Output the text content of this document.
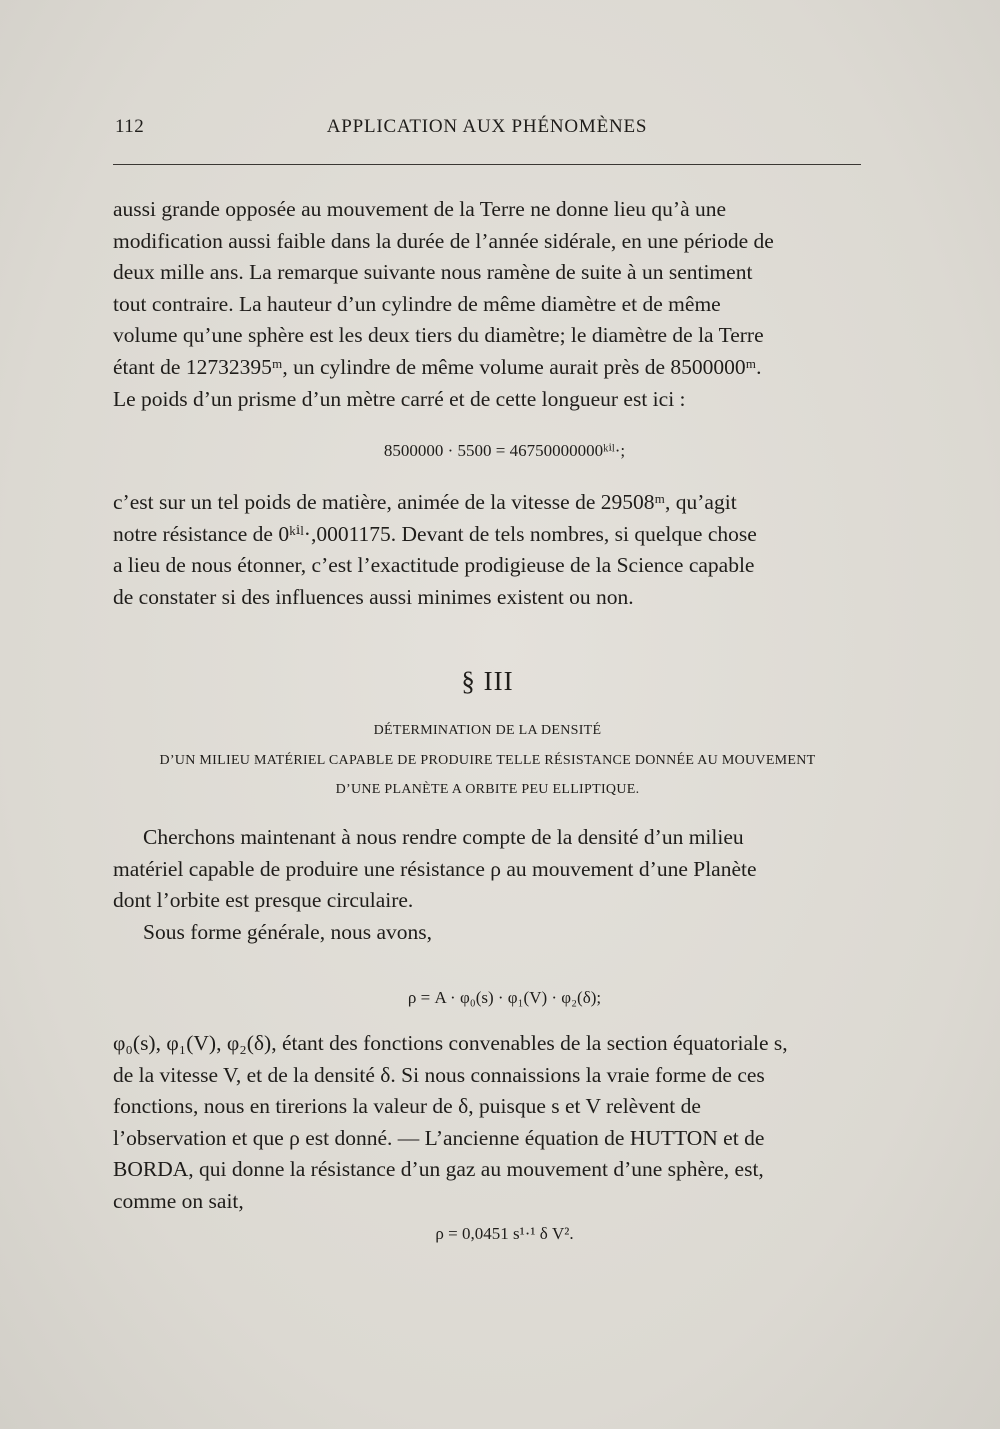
112	APPLICATION AUX PHÉNOMÈNES
aussi grande opposée au mouvement de la Terre ne donne lieu qu’à une
modification aussi faible dans la durée de l’année sidérale, en une période de
deux mille ans. La remarque suivante nous ramène de suite à un sentiment
tout contraire. La hauteur d’un cylindre de même diamètre et de même
volume qu’une sphère est les deux tiers du diamètre; le diamètre de la Terre
étant de 12732395ᵐ, un cylindre de même volume aurait près de 8500000ᵐ.
Le poids d’un prisme d’un mètre carré et de cette longueur est ici :
8500000 · 5500 = 46750000000ᵏⁱˡ·;
c’est sur un tel poids de matière, animée de la vitesse de 29508ᵐ, qu’agit
notre résistance de 0ᵏⁱˡ·,0001175. Devant de tels nombres, si quelque chose
a lieu de nous étonner, c’est l’exactitude prodigieuse de la Science capable
de constater si des influences aussi minimes existent ou non.
§ III
DÉTERMINATION DE LA DENSITÉ
D’UN MILIEU MATÉRIEL CAPABLE DE PRODUIRE TELLE RÉSISTANCE DONNÉE AU MOUVEMENT
D’UNE PLANÈTE A ORBITE PEU ELLIPTIQUE.
Cherchons maintenant à nous rendre compte de la densité d’un milieu
matériel capable de produire une résistance ρ au mouvement d’une Planète
dont l’orbite est presque circulaire.
Sous forme générale, nous avons,
ρ = A · φ₀(s) · φ₁(V) · φ₂(δ);
φ₀(s), φ₁(V), φ₂(δ), étant des fonctions convenables de la section équatoriale s,
de la vitesse V, et de la densité δ. Si nous connaissions la vraie forme de ces
fonctions, nous en tirerions la valeur de δ, puisque s et V relèvent de
l’observation et que ρ est donné. — L’ancienne équation de HUTTON et de
BORDA, qui donne la résistance d’un gaz au mouvement d’une sphère, est,
comme on sait,
ρ = 0,0451 s¹·¹ δ V².
